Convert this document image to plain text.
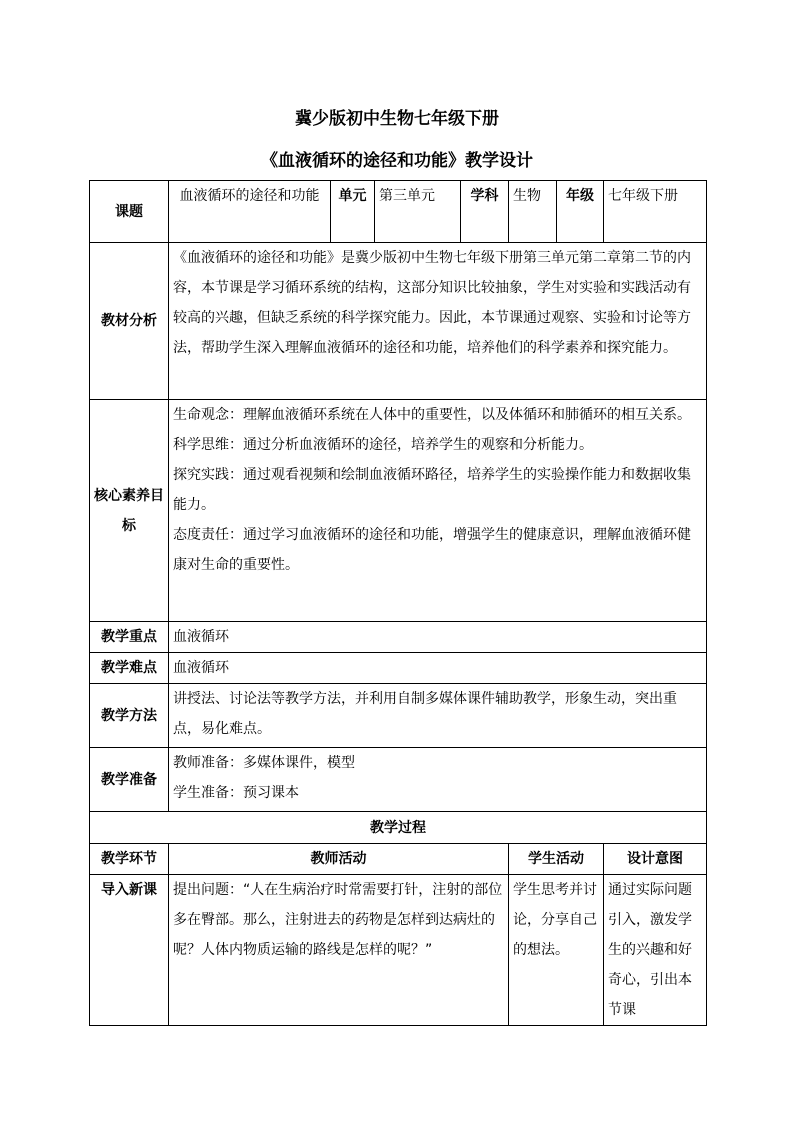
冀少版初中生物七年级下册
《血液循环的途径和功能》教学设计
课题	血液循环的途径和功能	单元	第三单元	学科	生物	年级	七年级下册
教材分析	《血液循环的途径和功能》是冀少版初中生物七年级下册第三单元第二章第二节的内容，本节课是学习循环系统的结构，这部分知识比较抽象，学生对实验和实践活动有较高的兴趣，但缺乏系统的科学探究能力。因此，本节课通过观察、实验和讨论等方法，帮助学生深入理解血液循环的途径和功能，培养他们的科学素养和探究能力。						
核心素养目标	生命观念：理解血液循环系统在人体中的重要性，以及体循环和肺循环的相互关系。
科学思维：通过分析血液循环的途径，培养学生的观察和分析能力。
探究实践：通过观看视频和绘制血液循环路径，培养学生的实验操作能力和数据收集能力。
态度责任：通过学习血液循环的途径和功能，增强学生的健康意识，理解血液循环健康对生命的重要性。						

教学重点	血液循环						
教学难点	血液循环						
教学方法	讲授法、讨论法等教学方法，并利用自制多媒体课件辅助教学，形象生动，突出重点，易化难点。						
教学准备	教师准备：多媒体课件，模型
学生准备：预习课本						

教学过程							
教学环节	教师活动				学生活动		设计意图
导入新课	提出问题：“人在生病治疗时常需要打针，注射的部位多在臀部。那么，注射进去的药物是怎样到达病灶的呢？人体内物质运输的路线是怎样的呢？”				学生思考并讨论，分享自己的想法。		通过实际问题引入，激发学生的兴趣和好奇心，引出本节课
